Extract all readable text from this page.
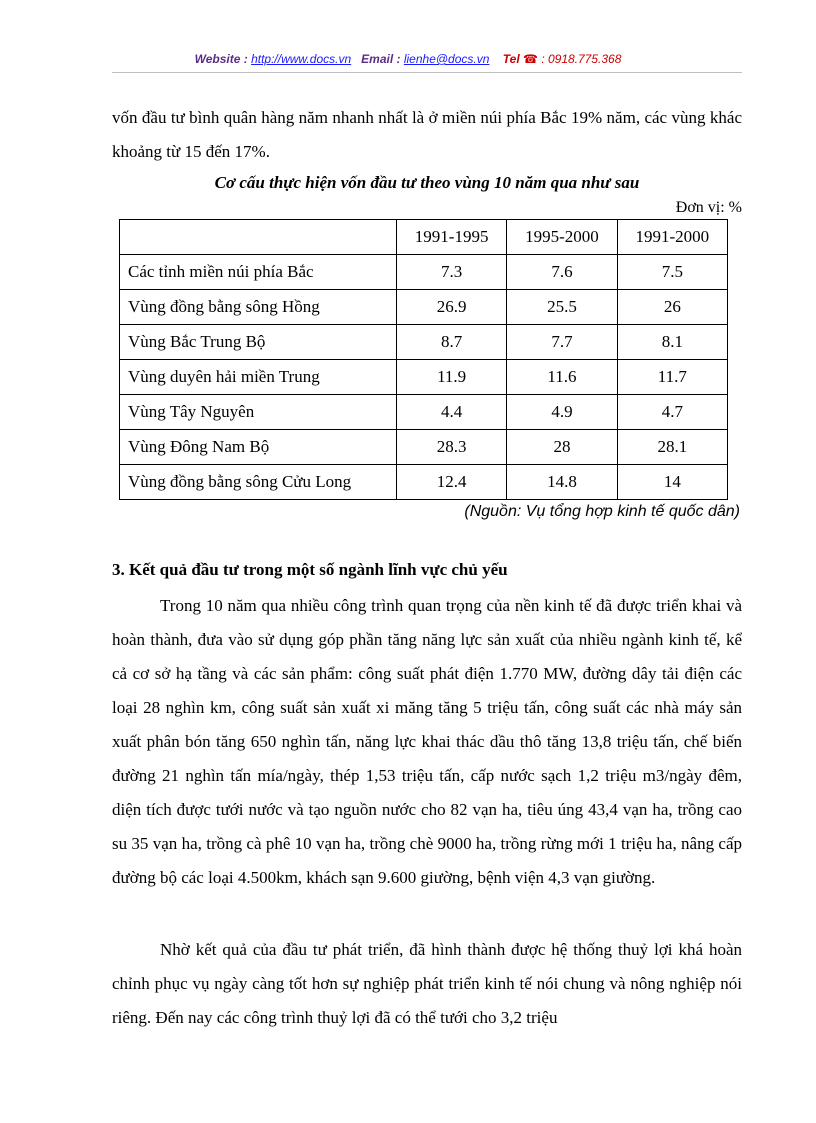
Website : http://www.docs.vn Email : lienhe@docs.vn Tel ☎ : 0918.775.368

vốn đầu tư bình quân hàng năm nhanh nhất là ở miền núi phía Bắc 19% năm, các vùng khác khoảng từ 15 đến 17%.

Cơ cấu thực hiện vốn đầu tư theo vùng 10 năm qua như sau

Đơn vị: %

	1991-1995	1995-2000	1991-2000
Các tỉnh miền núi phía Bắc	7.3	7.6	7.5
Vùng đồng bằng sông Hồng	26.9	25.5	26
Vùng Bắc Trung Bộ	8.7	7.7	8.1
Vùng duyên hải miền Trung	11.9	11.6	11.7
Vùng Tây Nguyên	4.4	4.9	4.7
Vùng Đông Nam Bộ	28.3	28	28.1
Vùng đồng bằng sông Cửu Long	12.4	14.8	14

(Nguồn: Vụ tổng hợp kinh tế quốc dân)

3. Kết quả đầu tư trong một số ngành lĩnh vực chủ yếu

Trong 10 năm qua nhiều công trình quan trọng của nền kinh tế đã được triển khai và hoàn thành, đưa vào sử dụng góp phần tăng năng lực sản xuất của nhiều ngành kinh tế, kể cả cơ sở hạ tầng và các sản phẩm: công suất phát điện 1.770 MW, đường dây tải điện các loại 28 nghìn km, công suất sản xuất xi măng tăng 5 triệu tấn, công suất các nhà máy sản xuất phân bón tăng 650 nghìn tấn, năng lực khai thác dầu thô tăng 13,8 triệu tấn, chế biến đường 21 nghìn tấn mía/ngày, thép 1,53 triệu tấn, cấp nước sạch 1,2 triệu m3/ngày đêm, diện tích được tưới nước và tạo nguồn nước cho 82 vạn ha, tiêu úng 43,4 vạn ha, trồng cao su 35 vạn ha, trồng cà phê 10 vạn ha, trồng chè 9000 ha, trồng rừng mới 1 triệu ha, nâng cấp đường bộ các loại 4.500km, khách sạn 9.600 giường, bệnh viện 4,3 vạn giường.

Nhờ kết quả của đầu tư phát triển, đã hình thành được hệ thống thuỷ lợi khá hoàn chỉnh phục vụ ngày càng tốt hơn sự nghiệp phát triển kinh tế nói chung và nông nghiệp nói riêng. Đến nay các công trình thuỷ lợi đã có thể tưới cho 3,2 triệu
